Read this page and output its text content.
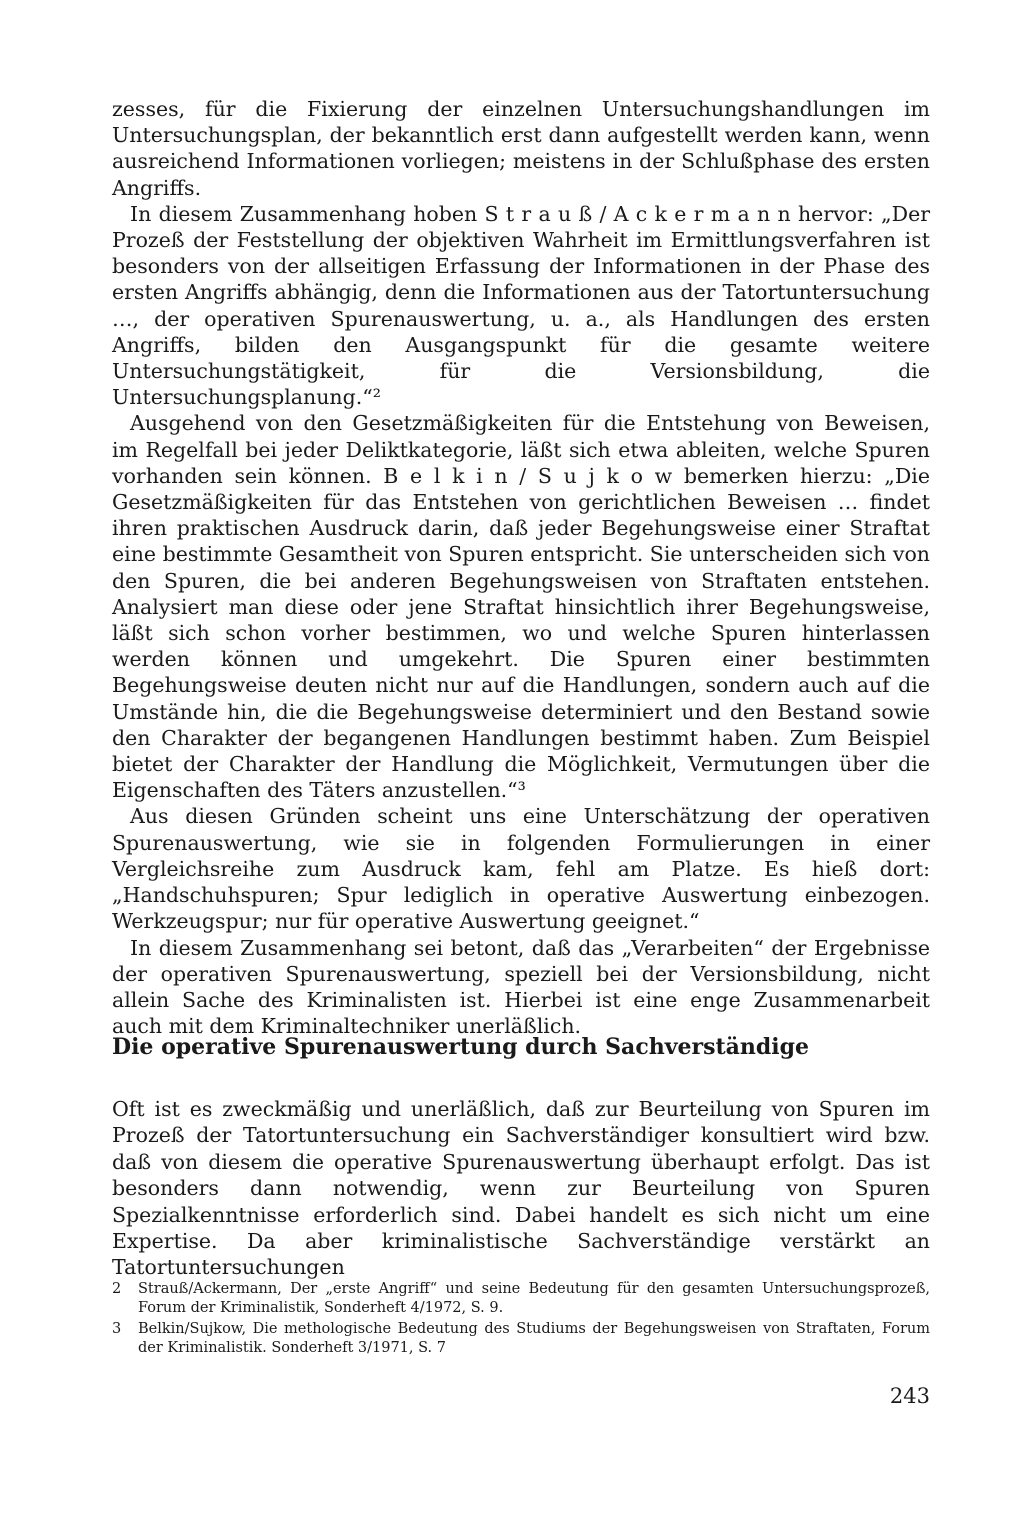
zesses, für die Fixierung der einzelnen Untersuchungshandlungen im Untersuchungsplan, der bekanntlich erst dann aufgestellt werden kann, wenn ausreichend Informationen vorliegen; meistens in der Schlußphase des ersten Angriffs.

In diesem Zusammenhang hoben S t r a u ß / A c k e r m a n n hervor: „Der Prozeß der Feststellung der objektiven Wahrheit im Ermittlungsverfahren ist besonders von der allseitigen Erfassung der Informationen in der Phase des ersten Angriffs abhängig, denn die Informationen aus der Tatortuntersuchung …, der operativen Spurenauswertung, u. a., als Handlungen des ersten Angriffs, bilden den Ausgangspunkt für die gesamte weitere Untersuchungstätigkeit, für die Versionsbildung, die Untersuchungsplanung.“²

Ausgehend von den Gesetzmäßigkeiten für die Entstehung von Beweisen, im Regelfall bei jeder Deliktkategorie, läßt sich etwa ableiten, welche Spuren vorhanden sein können. B e l k i n / S u j k o w bemerken hierzu: „Die Gesetzmäßigkeiten für das Entstehen von gerichtlichen Beweisen … findet ihren praktischen Ausdruck darin, daß jeder Begehungsweise einer Straftat eine bestimmte Gesamtheit von Spuren entspricht. Sie unterscheiden sich von den Spuren, die bei anderen Begehungsweisen von Straftaten entstehen. Analysiert man diese oder jene Straftat hinsichtlich ihrer Begehungsweise, läßt sich schon vorher bestimmen, wo und welche Spuren hinterlassen werden können und umgekehrt. Die Spuren einer bestimmten Begehungsweise deuten nicht nur auf die Handlungen, sondern auch auf die Umstände hin, die die Begehungsweise determiniert und den Bestand sowie den Charakter der begangenen Handlungen bestimmt haben. Zum Beispiel bietet der Charakter der Handlung die Möglichkeit, Vermutungen über die Eigenschaften des Täters anzustellen.“³

Aus diesen Gründen scheint uns eine Unterschätzung der operativen Spurenauswertung, wie sie in folgenden Formulierungen in einer Vergleichsreihe zum Ausdruck kam, fehl am Platze. Es hieß dort: „Handschuhspuren; Spur lediglich in operative Auswertung einbezogen. Werkzeugspur; nur für operative Auswertung geeignet.“

In diesem Zusammenhang sei betont, daß das „Verarbeiten“ der Ergebnisse der operativen Spurenauswertung, speziell bei der Versionsbildung, nicht allein Sache des Kriminalisten ist. Hierbei ist eine enge Zusammenarbeit auch mit dem Kriminaltechniker unerläßlich.

Die operative Spurenauswertung durch Sachverständige

Oft ist es zweckmäßig und unerläßlich, daß zur Beurteilung von Spuren im Prozeß der Tatortuntersuchung ein Sachverständiger konsultiert wird bzw. daß von diesem die operative Spurenauswertung überhaupt erfolgt. Das ist besonders dann notwendig, wenn zur Beurteilung von Spuren Spezialkenntnisse erforderlich sind. Dabei handelt es sich nicht um eine Expertise. Da aber kriminalistische Sachverständige verstärkt an Tatortuntersuchungen

2	Strauß/Ackermann, Der „erste Angriff“ und seine Bedeutung für den gesamten Untersuchungsprozeß, Forum der Kriminalistik, Sonderheft 4/1972, S. 9.
3	Belkin/Sujkow, Die methologische Bedeutung des Studiums der Begehungsweisen von Straftaten, Forum der Kriminalistik. Sonderheft 3/1971, S. 7
243
